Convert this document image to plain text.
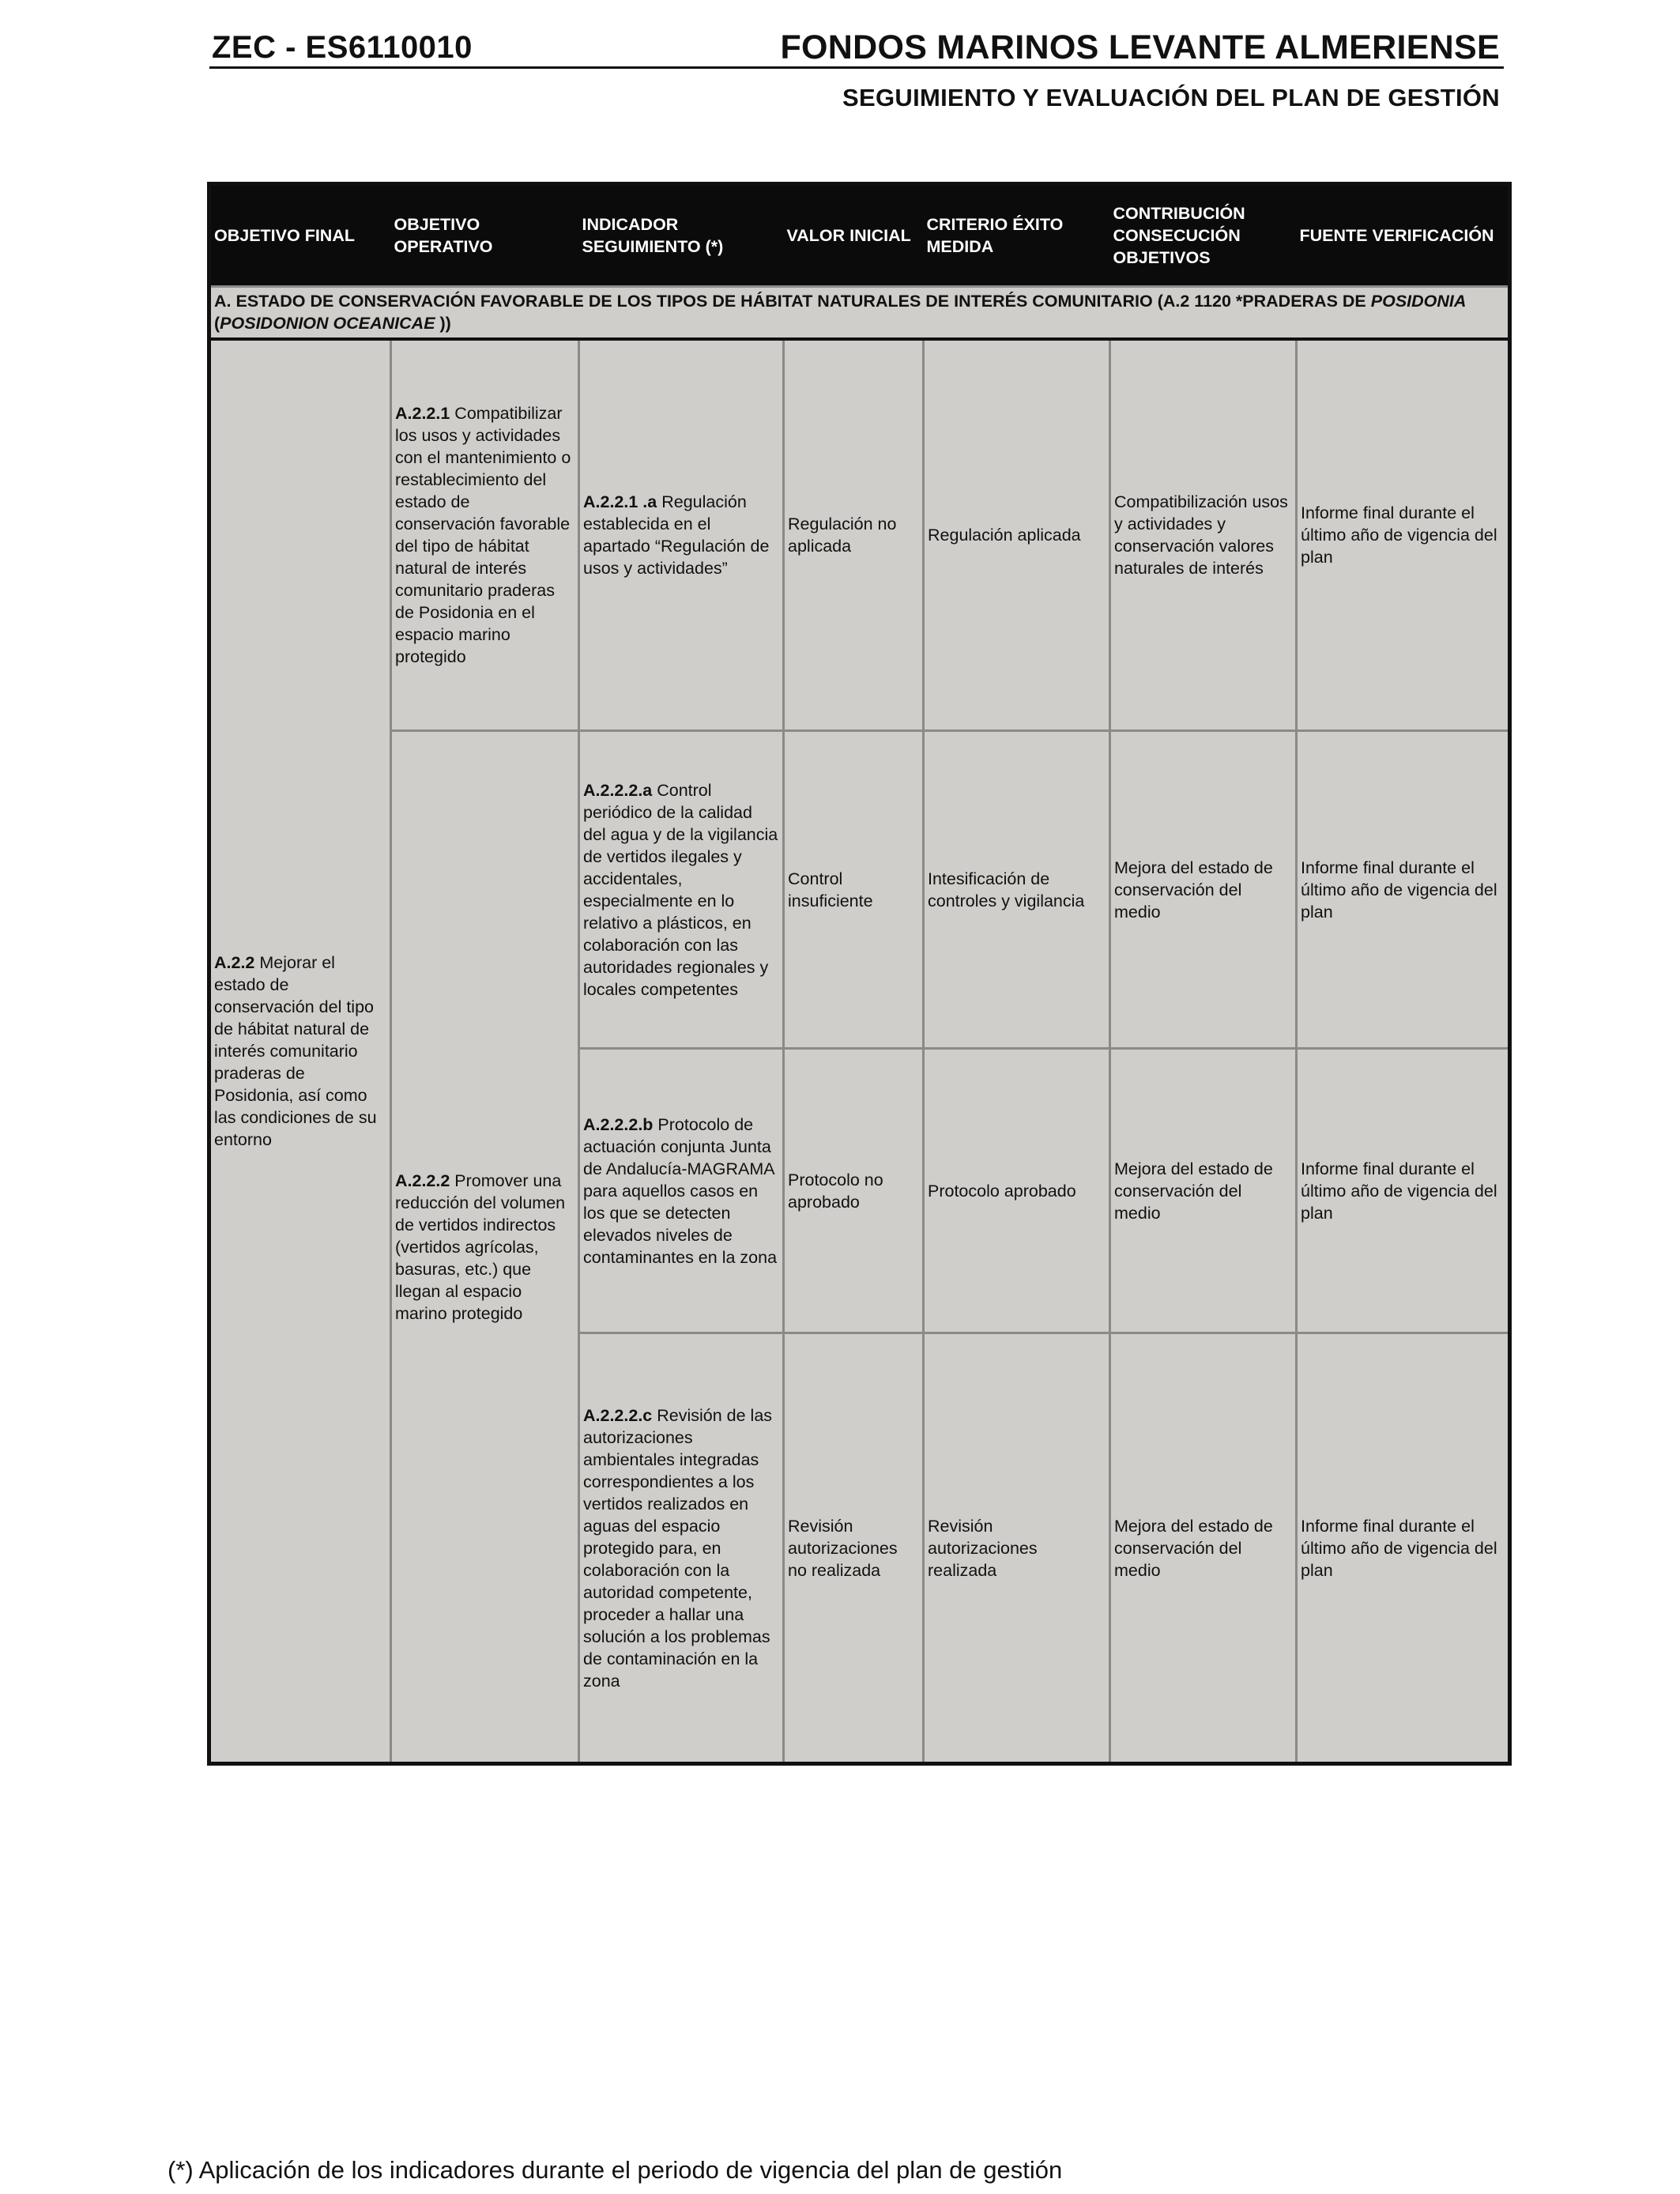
ZEC - ES6110010	FONDOS MARINOS LEVANTE ALMERIENSE
SEGUIMIENTO Y EVALUACIÓN DEL PLAN DE GESTIÓN
OBJETIVO FINAL	OBJETIVO OPERATIVO	INDICADOR SEGUIMIENTO (*)	VALOR INICIAL	CRITERIO ÉXITO MEDIDA	CONTRIBUCIÓN CONSECUCIÓN OBJETIVOS	FUENTE VERIFICACIÓN
A. ESTADO DE CONSERVACIÓN FAVORABLE DE LOS TIPOS DE HÁBITAT NATURALES DE INTERÉS COMUNITARIO (A.2 1120 *PRADERAS DE POSIDONIA (POSIDONION OCEANICAE ))						
A.2.2 Mejorar el estado de conservación del tipo de hábitat natural de interés comunitario praderas de Posidonia, así como las condiciones de su entorno	A.2.2.1 Compatibilizar los usos y actividades con el mantenimiento o restablecimiento del estado de conservación favorable del tipo de hábitat natural de interés comunitario praderas de Posidonia en el espacio marino protegido	A.2.2.1 .a Regulación establecida en el apartado “Regulación de usos y actividades”	Regulación no aplicada	Regulación aplicada	Compatibilización usos y actividades y conservación valores naturales de interés	Informe final durante el último año de vigencia del plan
	A.2.2.2 Promover una reducción del volumen de vertidos indirectos (vertidos agrícolas, basuras, etc.) que llegan al espacio marino protegido	A.2.2.2.a Control periódico de la calidad del agua y de la vigilancia de vertidos ilegales y accidentales, especialmente en lo relativo a plásticos, en colaboración con las autoridades regionales y locales competentes	Control insuficiente	Intesificación de controles y vigilancia	Mejora del estado de conservación del medio	Informe final durante el último año de vigencia del plan
		A.2.2.2.b Protocolo de actuación conjunta Junta de Andalucía-MAGRAMA para aquellos casos en los que se detecten elevados niveles de contaminantes en la zona	Protocolo no aprobado	Protocolo aprobado	Mejora del estado de conservación del medio	Informe final durante el último año de vigencia del plan
		A.2.2.2.c Revisión de las autorizaciones ambientales integradas correspondientes a los vertidos realizados en aguas del espacio protegido para, en colaboración con la autoridad competente, proceder a hallar una solución a los problemas de contaminación en la zona	Revisión autorizaciones no realizada	Revisión autorizaciones realizada	Mejora del estado de conservación del medio	Informe final durante el último año de vigencia del plan
(*) Aplicación de los indicadores durante el periodo de vigencia del plan de gestión
